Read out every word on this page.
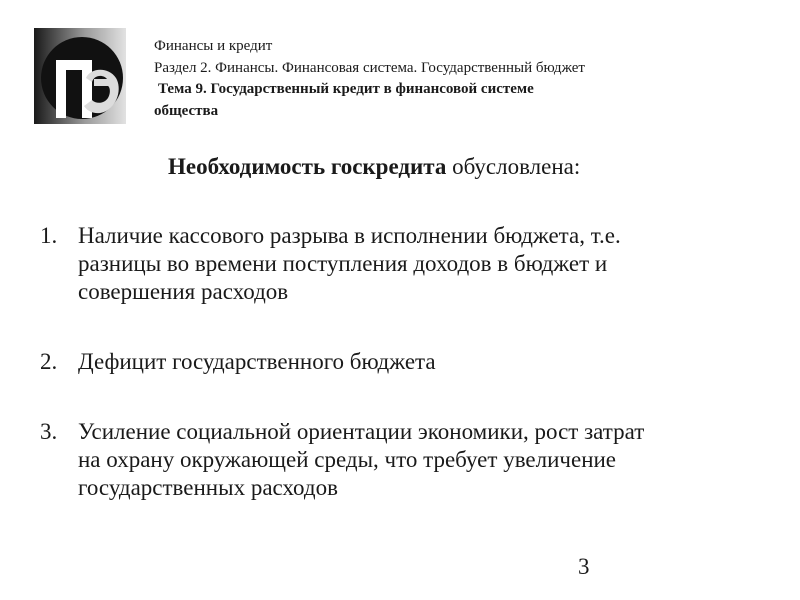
Финансы и кредит
Раздел 2. Финансы. Финансовая система. Государственный бюджет
Тема 9. Государственный кредит в финансовой системе
общества
Необходимость госкредита обусловлена:
1. Наличие кассового разрыва в исполнении бюджета, т.е.
разницы во времени поступления доходов в бюджет и
совершения расходов
2. Дефицит государственного бюджета
3. Усиление социальной ориентации экономики, рост затрат
на охрану окружающей среды, что требует увеличение
государственных расходов
3
